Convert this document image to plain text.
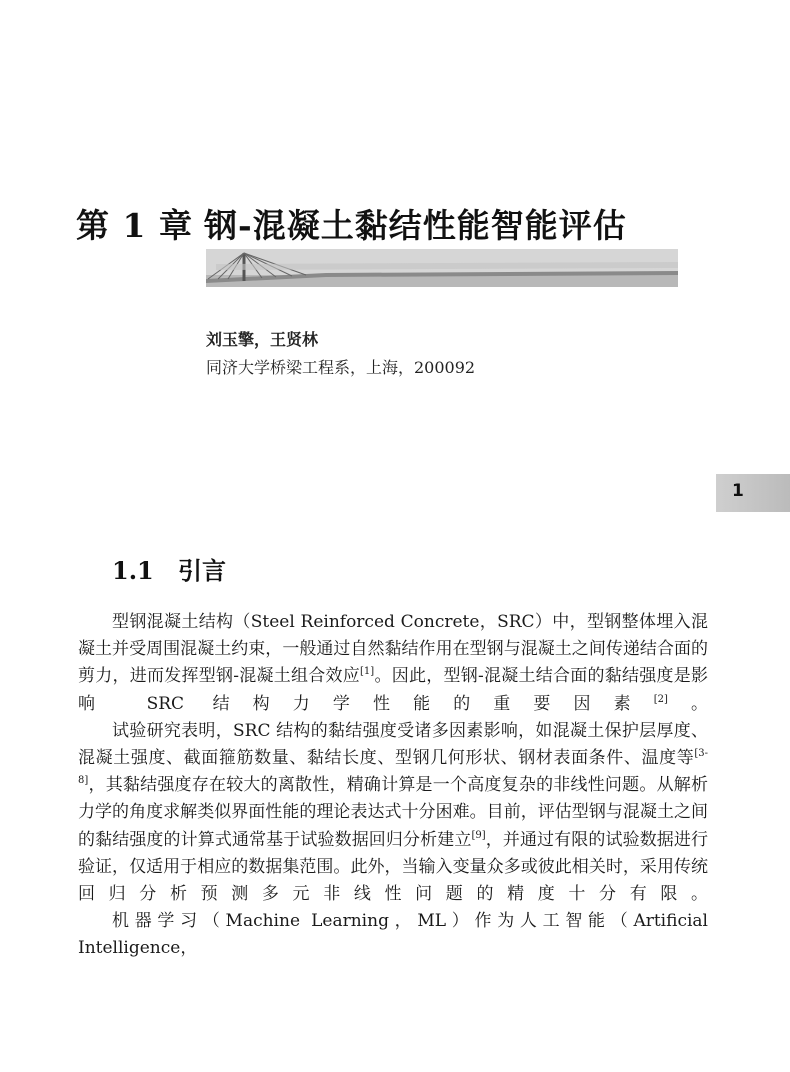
第 1 章 钢-混凝土黏结性能智能评估
刘玉擎，王贤林
同济大学桥梁工程系，上海，200092
1
1.1 引言

型钢混凝土结构（Steel Reinforced Concrete，SRC）中，型钢整体埋入混凝土并受周围混凝土约束，一般通过自然黏结作用在型钢与混凝土之间传递结合面的剪力，进而发挥型钢-混凝土组合效应[1]。因此，型钢-混凝土结合面的黏结强度是影响 SRC 结构力学性能的重要因素[2]。

试验研究表明，SRC 结构的黏结强度受诸多因素影响，如混凝土保护层厚度、混凝土强度、截面箍筋数量、黏结长度、型钢几何形状、钢材表面条件、温度等[3-8]，其黏结强度存在较大的离散性，精确计算是一个高度复杂的非线性问题。从解析力学的角度求解类似界面性能的理论表达式十分困难。目前，评估型钢与混凝土之间的黏结强度的计算式通常基于试验数据回归分析建立[9]，并通过有限的试验数据进行验证，仅适用于相应的数据集范围。此外，当输入变量众多或彼此相关时，采用传统回归分析预测多元非线性问题的精度十分有限。

机器学习（Machine Learning，ML）作为人工智能（Artificial Intelligence，
